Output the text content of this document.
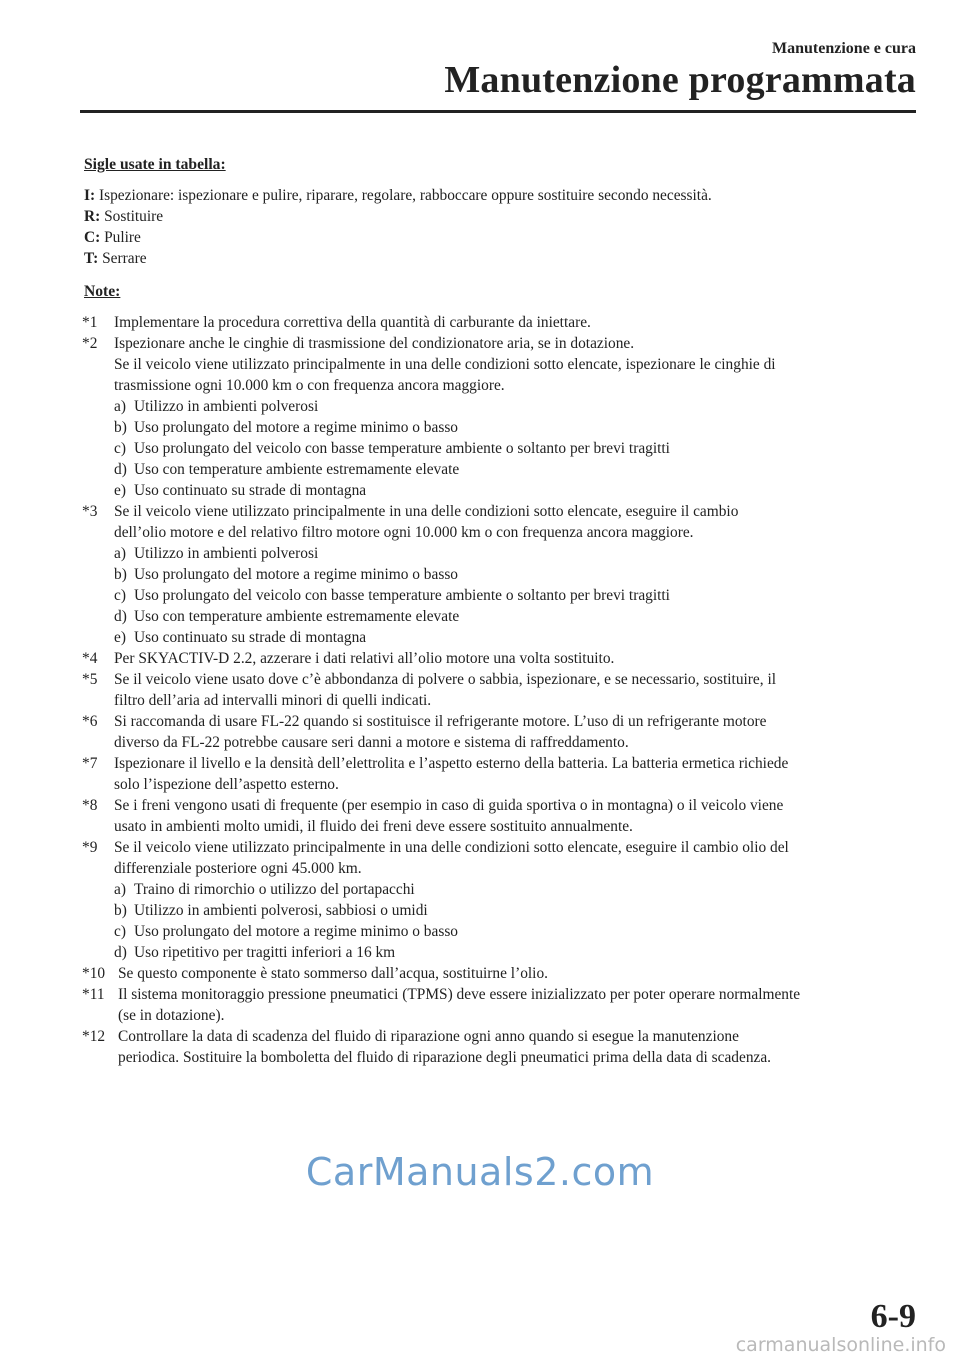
Manutenzione e cura
Manutenzione programmata

Sigle usate in tabella:

I: Ispezionare: ispezionare e pulire, riparare, regolare, rabboccare oppure sostituire secondo necessità.

R: Sostituire

C: Pulire

T: Serrare

Note:

*1	Implementare la procedura correttiva della quantità di carburante da iniettare.

*2	Ispezionare anche le cinghie di trasmissione del condizionatore aria, se in dotazione.

Se il veicolo viene utilizzato principalmente in una delle condizioni sotto elencate, ispezionare le cinghie di

trasmissione ogni 10.000 km o con frequenza ancora maggiore.

a) Utilizzo in ambienti polverosi
b) Uso prolungato del motore a regime minimo o basso
c) Uso prolungato del veicolo con basse temperature ambiente o soltanto per brevi tragitti
d) Uso con temperature ambiente estremamente elevate
e) Uso continuato su strade di montagna
*3	Se il veicolo viene utilizzato principalmente in una delle condizioni sotto elencate, eseguire il cambio

dell’olio motore e del relativo filtro motore ogni 10.000 km o con frequenza ancora maggiore.

a) Utilizzo in ambienti polverosi
b) Uso prolungato del motore a regime minimo o basso
c) Uso prolungato del veicolo con basse temperature ambiente o soltanto per brevi tragitti
d) Uso con temperature ambiente estremamente elevate
e) Uso continuato su strade di montagna
*4	Per SKYACTIV-D 2.2, azzerare i dati relativi all’olio motore una volta sostituito.

*5	Se il veicolo viene usato dove c’è abbondanza di polvere o sabbia, ispezionare, e se necessario, sostituire, il

filtro dell’aria ad intervalli minori di quelli indicati.

*6	Si raccomanda di usare FL-22 quando si sostituisce il refrigerante motore. L’uso di un refrigerante motore

diverso da FL-22 potrebbe causare seri danni a motore e sistema di raffreddamento.

*7	Ispezionare il livello e la densità dell’elettrolita e l’aspetto esterno della batteria. La batteria ermetica richiede

solo l’ispezione dell’aspetto esterno.

*8	Se i freni vengono usati di frequente (per esempio in caso di guida sportiva o in montagna) o il veicolo viene

usato in ambienti molto umidi, il fluido dei freni deve essere sostituito annualmente.

*9	Se il veicolo viene utilizzato principalmente in una delle condizioni sotto elencate, eseguire il cambio olio del

differenziale posteriore ogni 45.000 km.

a) Traino di rimorchio o utilizzo del portapacchi
b) Utilizzo in ambienti polverosi, sabbiosi o umidi
c) Uso prolungato del motore a regime minimo o basso
d) Uso ripetitivo per tragitti inferiori a 16 km
*10 Se questo componente è stato sommerso dall’acqua, sostituirne l’olio.

*11 Il sistema monitoraggio pressione pneumatici (TPMS) deve essere inizializzato per poter operare normalmente

(se in dotazione).

*12 Controllare la data di scadenza del fluido di riparazione ogni anno quando si esegue la manutenzione

periodica. Sostituire la bomboletta del fluido di riparazione degli pneumatici prima della data di scadenza.

CarManuals2.com
6-9
carmanualsonline.info
